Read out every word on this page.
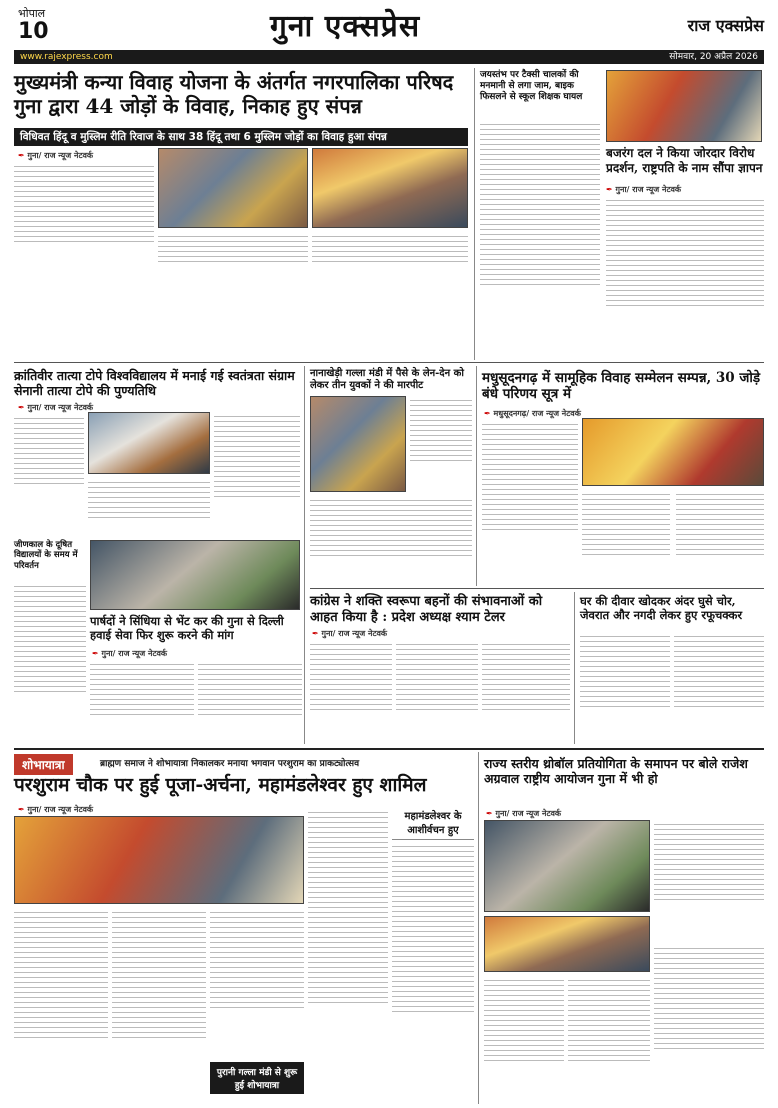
भोपाल
10	गुना एक्सप्रेस	राज एक्सप्रेस
www.rajexpress.com	सोमवार, 20 अप्रैल 2026
मुख्यमंत्री कन्या विवाह योजना के अंतर्गत नगरपालिका परिषद गुना द्वारा 44 जोड़ों के विवाह, निकाह हुए संपन्न
विधिवत हिंदू व मुस्लिम रीति रिवाज के साथ 38 हिंदू तथा 6 मुस्लिम जोड़ों का विवाह हुआ संपन्न
✒ गुना/ राज न्यूज नेटवर्क
जयस्तंभ पर टैक्सी चालकों की मनमानी से लगा जाम, बाइक फिसलने से स्कूल शिक्षक घायल
बजरंग दल ने किया जोरदार विरोध प्रदर्शन, राष्ट्रपति के नाम सौंपा ज्ञापन
✒ गुना/ राज न्यूज नेटवर्क
क्रांतिवीर तात्या टोपे विश्वविद्यालय में मनाई गई स्वतंत्रता संग्राम सेनानी तात्या टोपे की पुण्यतिथि
✒ गुना/ राज न्यूज नेटवर्क
जीणकाल के दूषित विद्यालयों के समय में परिवर्तन
पार्षदों ने सिंधिया से भेंट कर की गुना से दिल्ली हवाई सेवा फिर शुरू करने की मांग
✒ गुना/ राज न्यूज नेटवर्क
नानाखेड़ी गल्ला मंडी में पैसे के लेन-देन को लेकर तीन युवकों ने की मारपीट	मधुसूदनगढ़ में सामूहिक विवाह सम्मेलन सम्पन्न, 30 जोड़े बंधे परिणय सूत्र में
✒ मधुसूदनगढ़/ राज न्यूज नेटवर्क
कांग्रेस ने शक्ति स्वरूपा बहनों की संभावनाओं को आहत किया है : प्रदेश अध्यक्ष श्याम टेलर
✒ गुना/ राज न्यूज नेटवर्क
घर की दीवार खोदकर अंदर घुसे चोर, जेवरात और नगदी लेकर हुए रफूचक्कर
शोभायात्रा	ब्राह्मण समाज ने शोभायात्रा निकालकर मनाया भगवान परशुराम का प्राकट्योत्सव
परशुराम चौक पर हुई पूजा-अर्चना, महामंडलेश्वर हुए शामिल
✒ गुना/ राज न्यूज नेटवर्क
पुरानी गल्ला मंडी से शुरू हुई शोभायात्रा
महामंडलेश्वर के आशीर्वचन हुए
राज्य स्तरीय थ्रोबॉल प्रतियोगिता के समापन पर बोले राजेश अग्रवाल राष्ट्रीय आयोजन गुना में भी हो
✒ गुना/ राज न्यूज नेटवर्क
